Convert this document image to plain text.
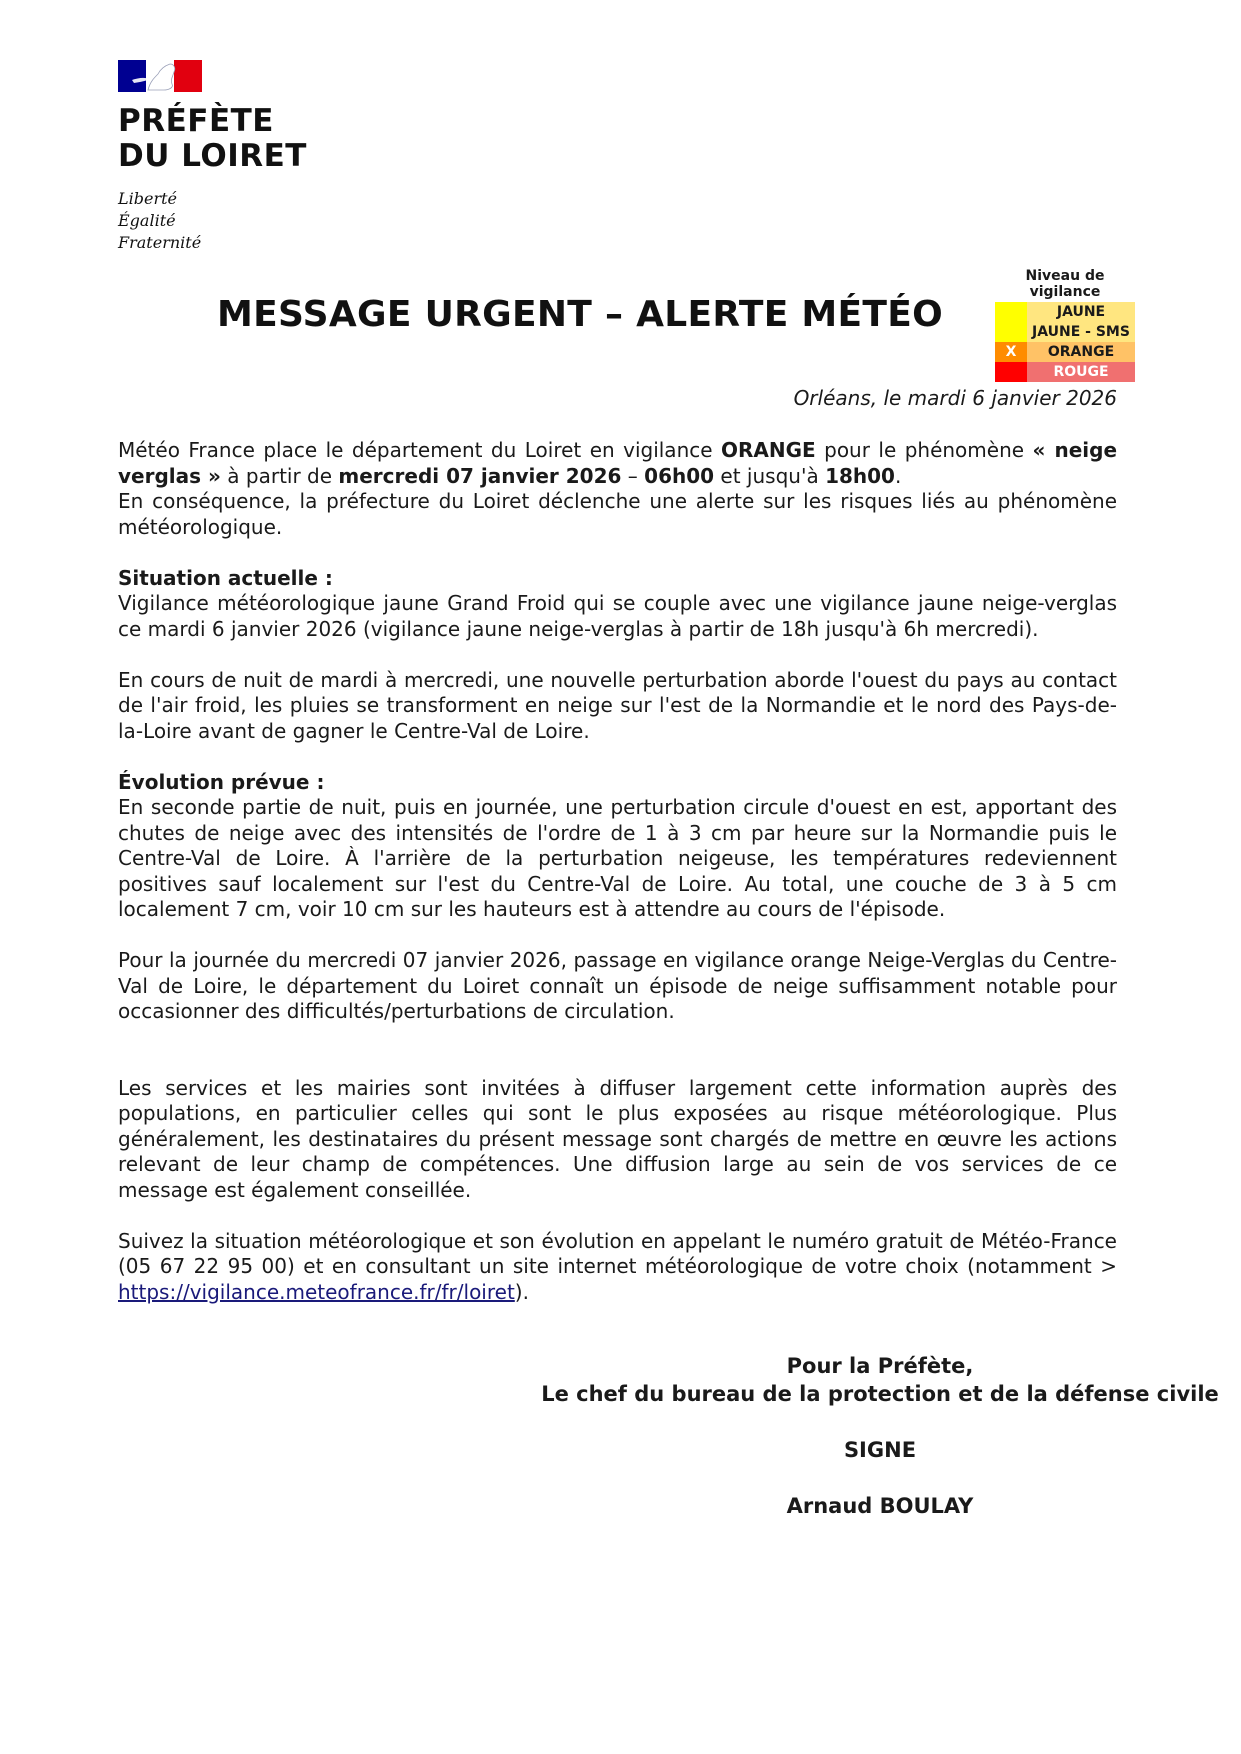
PRÉFÈTE
DU LOIRET
Liberté
Égalité
Fraternité
MESSAGE URGENT – ALERTE MÉTÉO
Niveau de vigilance
JAUNE
JAUNE - SMS
X	ORANGE
ROUGE
Orléans, le mardi 6 janvier 2026

Météo France place le département du Loiret en vigilance ORANGE pour le phénomène « neige verglas » à partir de mercredi 07 janvier 2026 – 06h00 et jusqu'à 18h00.

En conséquence, la préfecture du Loiret déclenche une alerte sur les risques liés au phénomène météorologique.

Situation actuelle :

Vigilance météorologique jaune Grand Froid qui se couple avec une vigilance jaune neige-verglas ce mardi 6 janvier 2026 (vigilance jaune neige-verglas à partir de 18h jusqu'à 6h mercredi).

En cours de nuit de mardi à mercredi, une nouvelle perturbation aborde l'ouest du pays au contact de l'air froid, les pluies se transforment en neige sur l'est de la Normandie et le nord des Pays-de-la-Loire avant de gagner le Centre-Val de Loire.

Évolution prévue :

En seconde partie de nuit, puis en journée, une perturbation circule d'ouest en est, apportant des chutes de neige avec des intensités de l'ordre de 1 à 3 cm par heure sur la Normandie puis le Centre-Val de Loire. À l'arrière de la perturbation neigeuse, les températures redeviennent positives sauf localement sur l'est du Centre-Val de Loire. Au total, une couche de 3 à 5 cm localement 7 cm, voir 10 cm sur les hauteurs est à attendre au cours de l'épisode.

Pour la journée du mercredi 07 janvier 2026, passage en vigilance orange Neige-Verglas du Centre-Val de Loire, le département du Loiret connaît un épisode de neige suffisamment notable pour occasionner des difficultés/perturbations de circulation.

Les services et les mairies sont invitées à diffuser largement cette information auprès des populations, en particulier celles qui sont le plus exposées au risque météorologique. Plus généralement, les destinataires du présent message sont chargés de mettre en œuvre les actions relevant de leur champ de compétences. Une diffusion large au sein de vos services de ce message est également conseillée.

Suivez la situation météorologique et son évolution en appelant le numéro gratuit de Météo-France (05 67 22 95 00) et en consultant un site internet météorologique de votre choix (notamment > https://vigilance.meteofrance.fr/fr/loiret).

Pour la Préfète,
Le chef du bureau de la protection et de la défense civile
SIGNE
Arnaud BOULAY
